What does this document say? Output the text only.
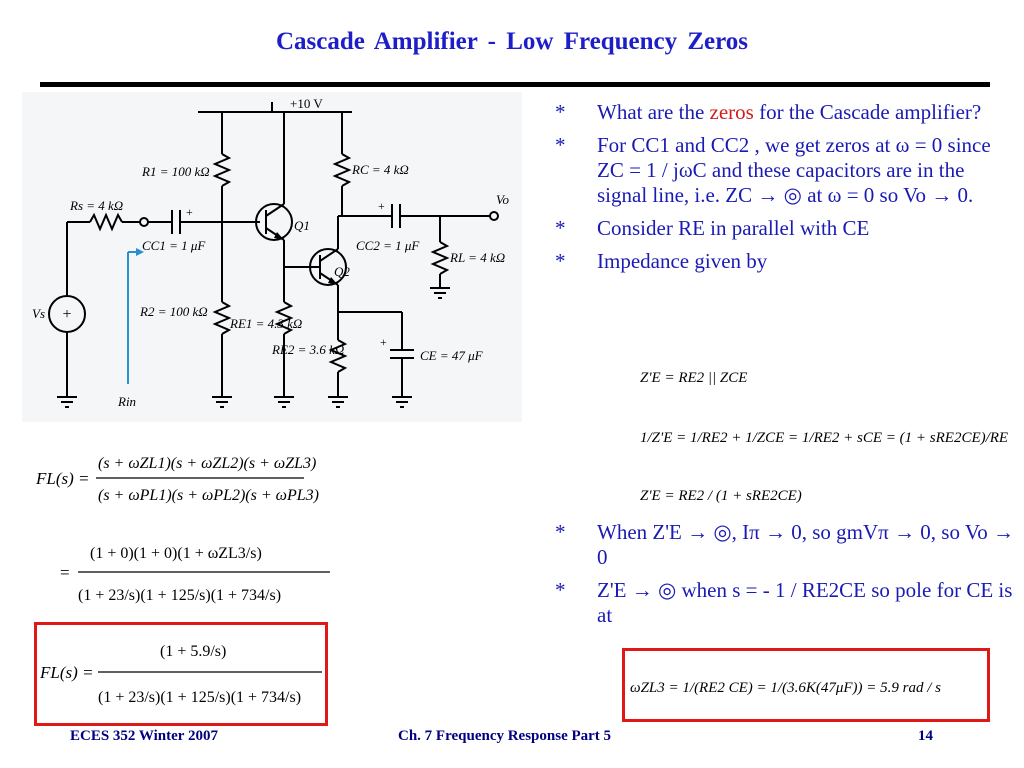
Cascade Amplifier - Low Frequency Zeros
+
+	+
+
+10 V
R1 = 100 kΩ	RC = 4 kΩ
Rs = 4 kΩ
CC1 = 1 μF
Q1
Q2
CC2 = 1 μF
RL = 4 kΩ
Vo
Vs	R2 = 100 kΩ
RE1 = 4.3 kΩ
RE2 = 3.6 kΩ	CE = 47 μF
Rin
FL(s) =
(s + ωZL1)(s + ωZL2)(s + ωZL3)
(s + ωPL1)(s + ωPL2)(s + ωPL3)
=
(1 + 0)(1 + 0)(1 + ωZL3/s)
(1 + 23/s)(1 + 125/s)(1 + 734/s)
FL(s) =
(1 + 5.9/s)
(1 + 23/s)(1 + 125/s)(1 + 734/s)
* What are the zeros for the Cascade amplifier?
* For CC1 and CC2 , we get zeros at ω = 0 since ZC = 1 / jωC and these capacitors are in the signal line, i.e. ZC → ◎ at ω = 0 so Vo → 0.
* Consider RE in parallel with CE
* Impedance given by
Z'E = RE2 || ZCE
1/Z'E = 1/RE2 + 1/ZCE = 1/RE2 + sCE = (1 + sRE2CE)/RE
Z'E = RE2 / (1 + sRE2CE)
* When Z'E → ◎, Iπ → 0, so gmVπ → 0, so Vo → 0
* Z'E → ◎ when s = - 1 / RE2CE so pole for CE is at
ωZL3 = 1/(RE2 CE) = 1/(3.6K(47μF)) = 5.9 rad / s
ECES 352 Winter 2007	Ch. 7 Frequency Response Part 5	14
